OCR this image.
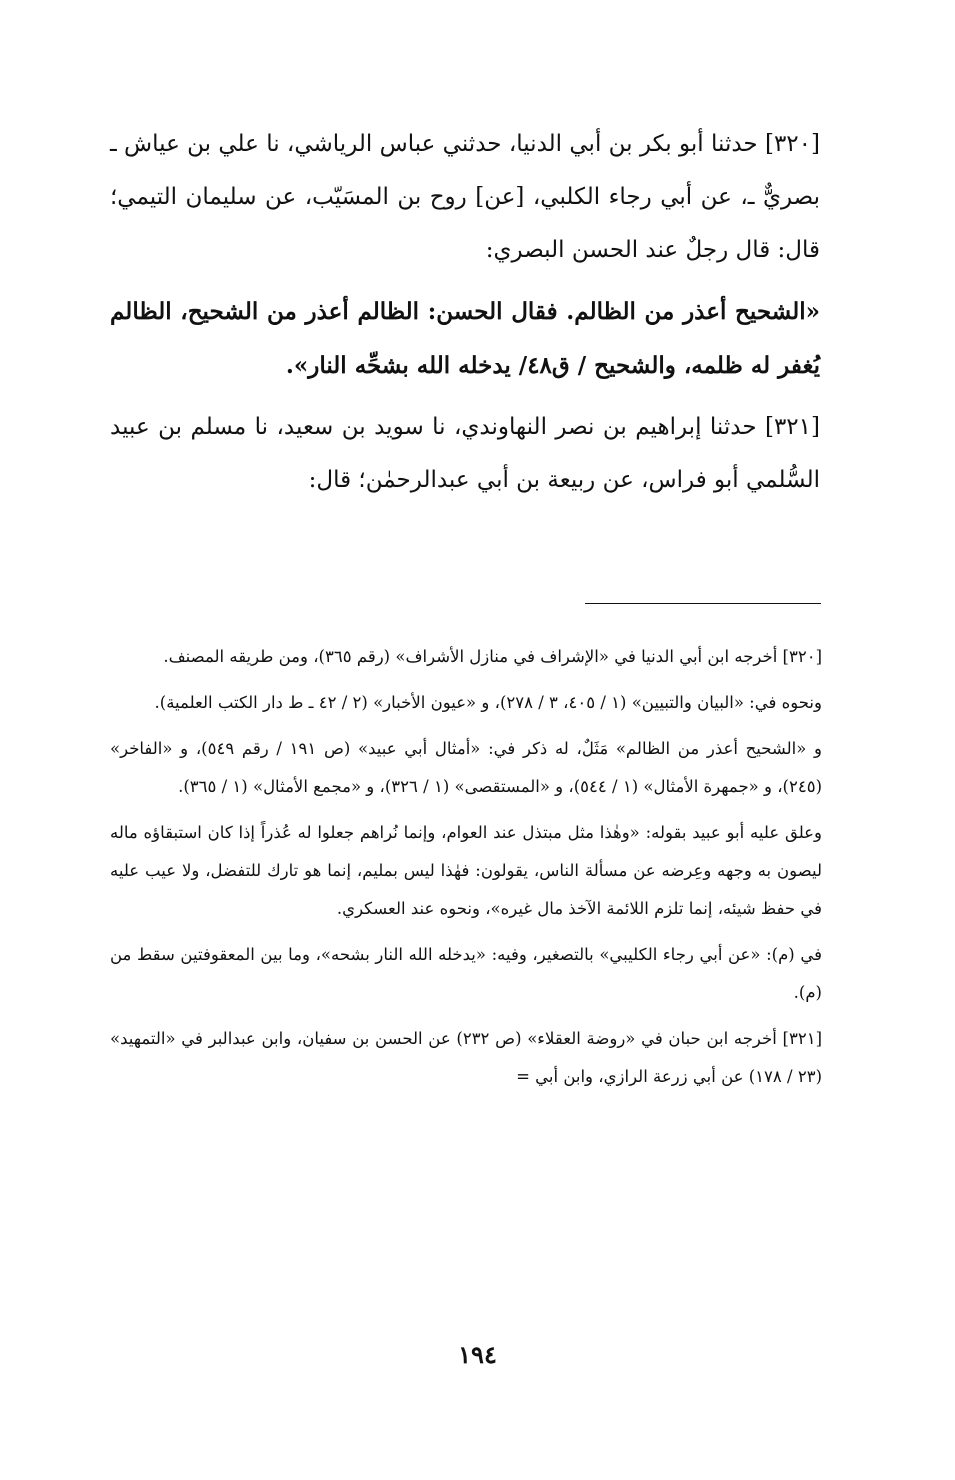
[٣٢٠] حدثنا أبو بكر بن أبي الدنيا، حدثني عباس الرياشي، نا علي بن عياش ـ بصريٌّ ـ، عن أبي رجاء الكلبي، [عن] روح بن المسَيّب، عن سليمان التيمي؛ قال: قال رجلٌ عند الحسن البصري:

«الشحيح أعذر من الظالم. فقال الحسن: الظالم أعذر من الشحيح، الظالم يُغفر له ظلمه، والشحيح / ق٤٨/ يدخله الله بشحِّه النار».

[٣٢١] حدثنا إبراهيم بن نصر النهاوندي، نا سويد بن سعيد، نا مسلم بن عبيد السُّلمي أبو فراس، عن ربيعة بن أبي عبدالرحمٰن؛ قال:

[٣٢٠] أخرجه ابن أبي الدنيا في «الإشراف في منازل الأشراف» (رقم ٣٦٥)، ومن طريقه المصنف.

ونحوه في: «البيان والتبيين» (١ / ٤٠٥، ٣ / ٢٧٨)، و «عيون الأخبار» (٢ / ٤٢ ـ ط دار الكتب العلمية).

و «الشحيح أعذر من الظالم» مَثَلٌ، له ذكر في: «أمثال أبي عبيد» (ص ١٩١ / رقم ٥٤٩)، و «الفاخر» (٢٤٥)، و «جمهرة الأمثال» (١ / ٥٤٤)، و «المستقصى» (١ / ٣٢٦)، و «مجمع الأمثال» (١ / ٣٦٥).

وعلق عليه أبو عبيد بقوله: «وهٰذا مثل مبتذل عند العوام، وإنما نُراهم جعلوا له عُذراً إذا كان استبقاؤه ماله ليصون به وجهه وعِرضه عن مسألة الناس، يقولون: فهٰذا ليس بمليم، إنما هو تارك للتفضل، ولا عيب عليه في حفظ شيئه، إنما تلزم اللائمة الآخذ مال غيره»، ونحوه عند العسكري.

في (م): «عن أبي رجاء الكليبي» بالتصغير، وفيه: «يدخله الله النار بشحه»، وما بين المعقوفتين سقط من (م).

[٣٢١] أخرجه ابن حبان في «روضة العقلاء» (ص ٢٣٢) عن الحسن بن سفيان، وابن عبدالبر في «التمهيد» (٢٣ / ١٧٨) عن أبي زرعة الرازي، وابن أبي =

١٩٤
